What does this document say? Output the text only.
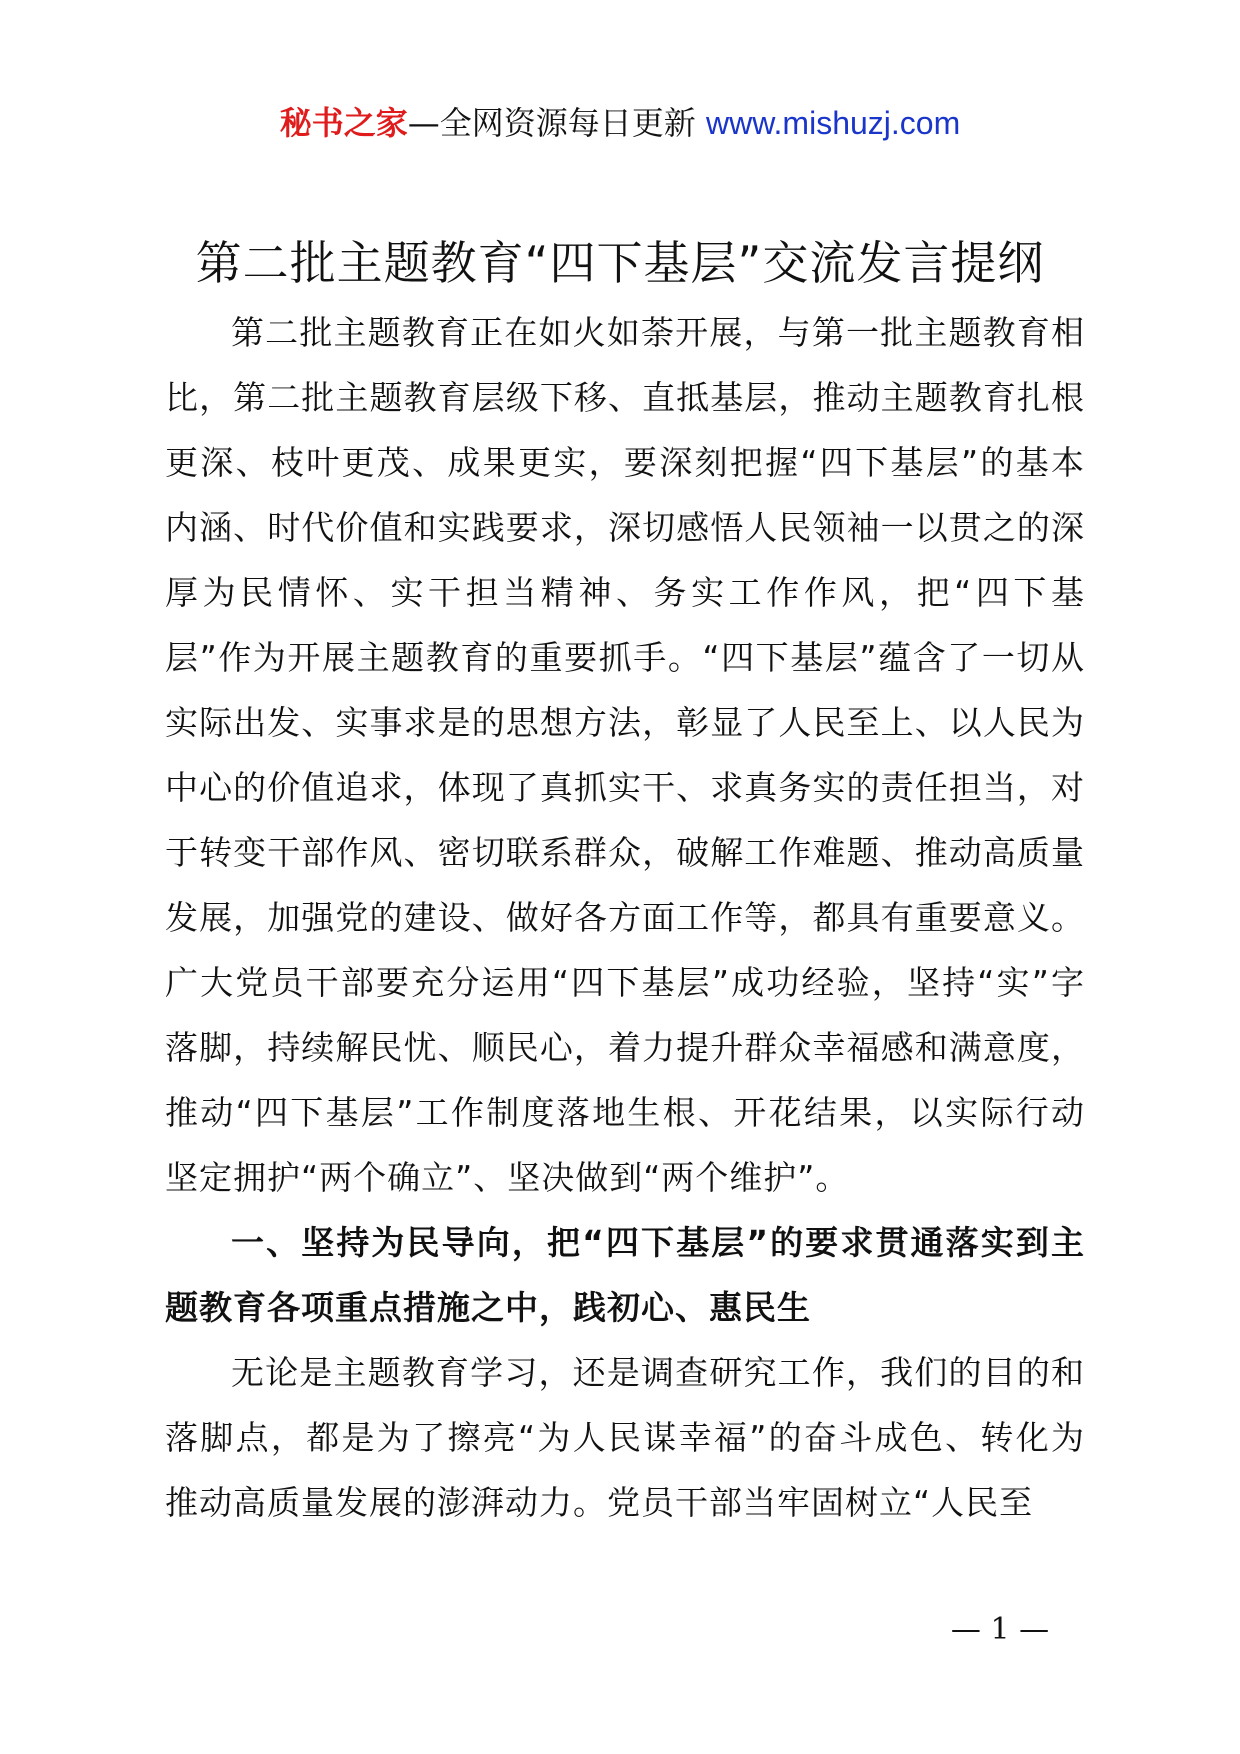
秘书之家—全网资源每日更新 www.mishuzj.com
第二批主题教育“四下基层”交流发言提纲

第二批主题教育正在如火如荼开展，与第一批主题教育相比，第二批主题教育层级下移、直抵基层，推动主题教育扎根更深、枝叶更茂、成果更实，要深刻把握“四下基层”的基本内涵、时代价值和实践要求，深切感悟人民领袖一以贯之的深厚为民情怀、实干担当精神、务实工作作风，把“四下基层”作为开展主题教育的重要抓手。“四下基层”蕴含了一切从实际出发、实事求是的思想方法，彰显了人民至上、以人民为中心的价值追求，体现了真抓实干、求真务实的责任担当，对于转变干部作风、密切联系群众，破解工作难题、推动高质量发展，加强党的建设、做好各方面工作等，都具有重要意义。广大党员干部要充分运用“四下基层”成功经验，坚持“实”字落脚，持续解民忧、顺民心，着力提升群众幸福感和满意度，推动“四下基层”工作制度落地生根、开花结果，以实际行动坚定拥护“两个确立”、坚决做到“两个维护”。

一、坚持为民导向，把“四下基层”的要求贯通落实到主题教育各项重点措施之中，践初心、惠民生

无论是主题教育学习，还是调查研究工作，我们的目的和落脚点，都是为了擦亮“为人民谋幸福”的奋斗成色、转化为推动高质量发展的澎湃动力。党员干部当牢固树立“人民至

— 1 —
